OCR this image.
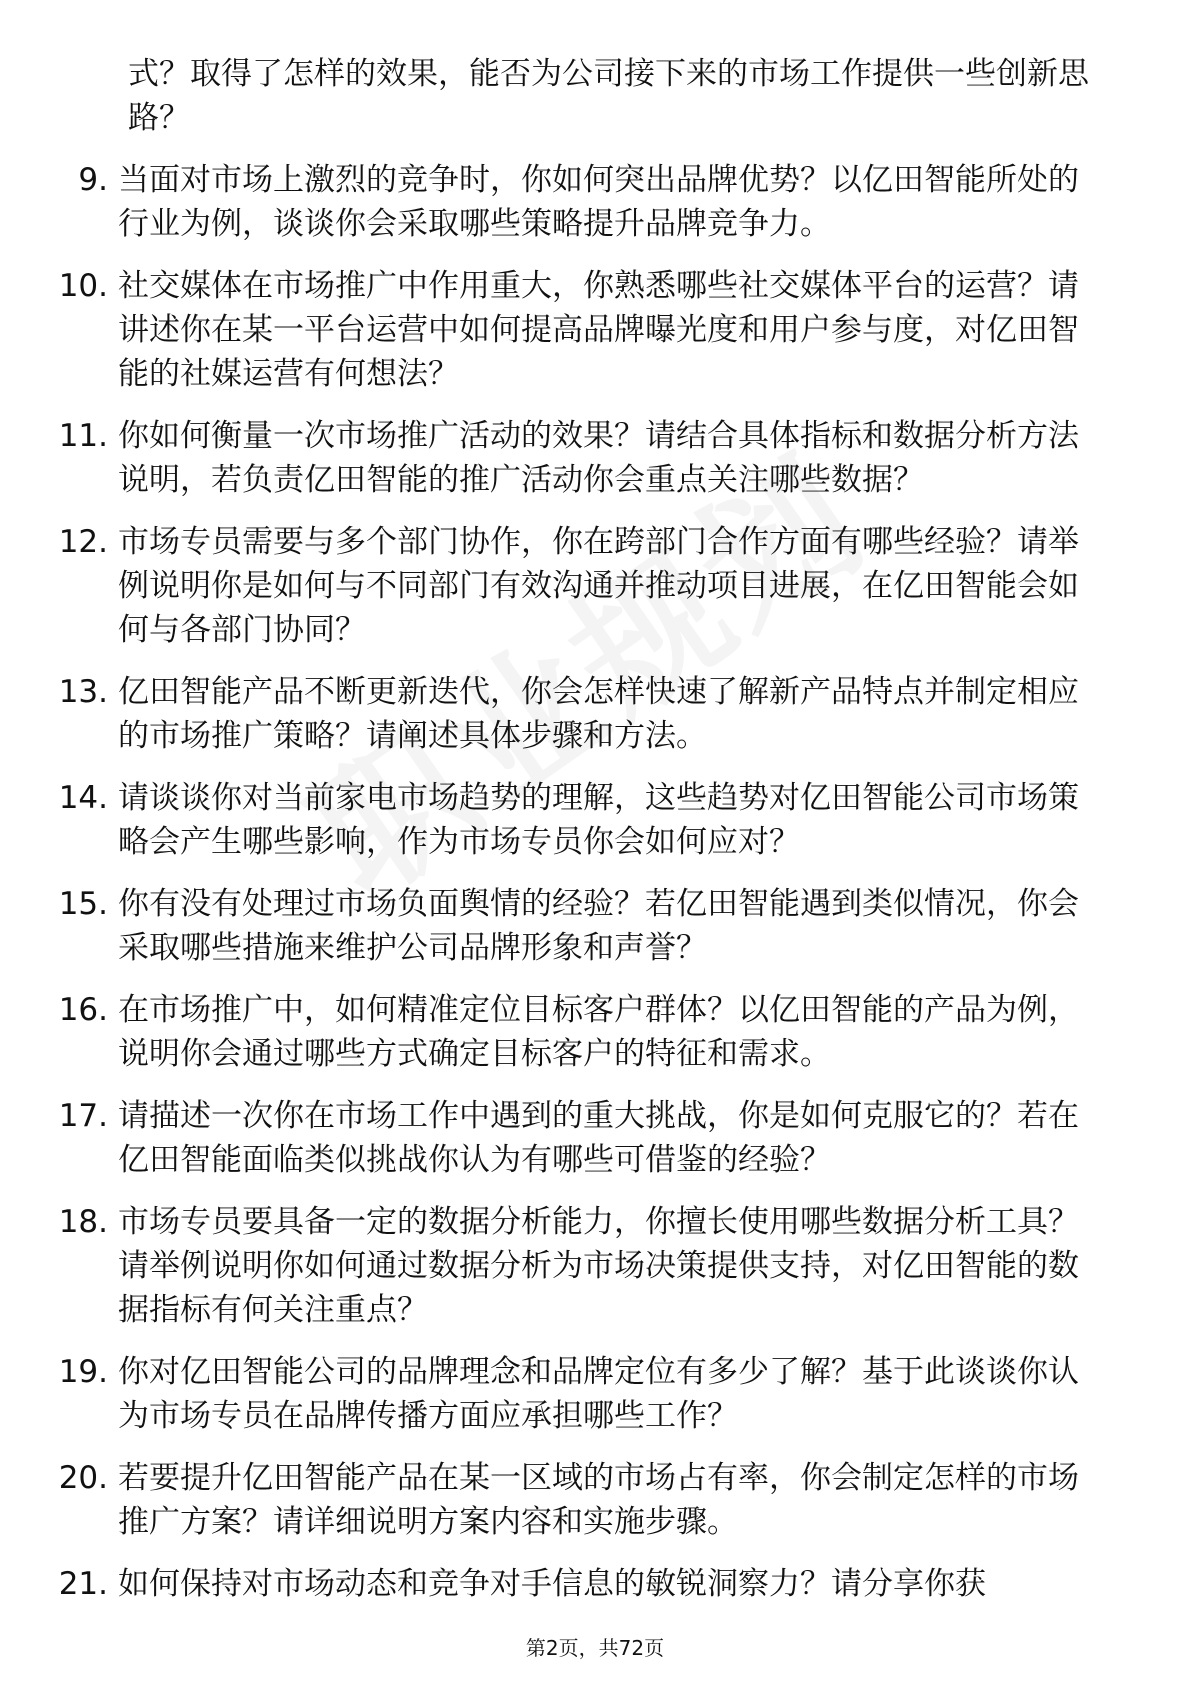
式？取得了怎样的效果，能否为公司接下来的市场工作提供一些创新思路？
9. 当面对市场上激烈的竞争时，你如何突出品牌优势？以亿田智能所处的行业为例，谈谈你会采取哪些策略提升品牌竞争力。
10. 社交媒体在市场推广中作用重大，你熟悉哪些社交媒体平台的运营？请讲述你在某一平台运营中如何提高品牌曝光度和用户参与度，对亿田智能的社媒运营有何想法？
11. 你如何衡量一次市场推广活动的效果？请结合具体指标和数据分析方法说明，若负责亿田智能的推广活动你会重点关注哪些数据？
12. 市场专员需要与多个部门协作，你在跨部门合作方面有哪些经验？请举例说明你是如何与不同部门有效沟通并推动项目进展，在亿田智能会如何与各部门协同？
13. 亿田智能产品不断更新迭代，你会怎样快速了解新产品特点并制定相应的市场推广策略？请阐述具体步骤和方法。
14. 请谈谈你对当前家电市场趋势的理解，这些趋势对亿田智能公司市场策略会产生哪些影响，作为市场专员你会如何应对？
15. 你有没有处理过市场负面舆情的经验？若亿田智能遇到类似情况，你会采取哪些措施来维护公司品牌形象和声誉？
16. 在市场推广中，如何精准定位目标客户群体？以亿田智能的产品为例，说明你会通过哪些方式确定目标客户的特征和需求。
17. 请描述一次你在市场工作中遇到的重大挑战，你是如何克服它的？若在亿田智能面临类似挑战你认为有哪些可借鉴的经验？
18. 市场专员要具备一定的数据分析能力，你擅长使用哪些数据分析工具？请举例说明你如何通过数据分析为市场决策提供支持，对亿田智能的数据指标有何关注重点？
19. 你对亿田智能公司的品牌理念和品牌定位有多少了解？基于此谈谈你认为市场专员在品牌传播方面应承担哪些工作？
20. 若要提升亿田智能产品在某一区域的市场占有率，你会制定怎样的市场推广方案？请详细说明方案内容和实施步骤。
21. 如何保持对市场动态和竞争对手信息的敏锐洞察力？请分享你获
第2页，共72页
